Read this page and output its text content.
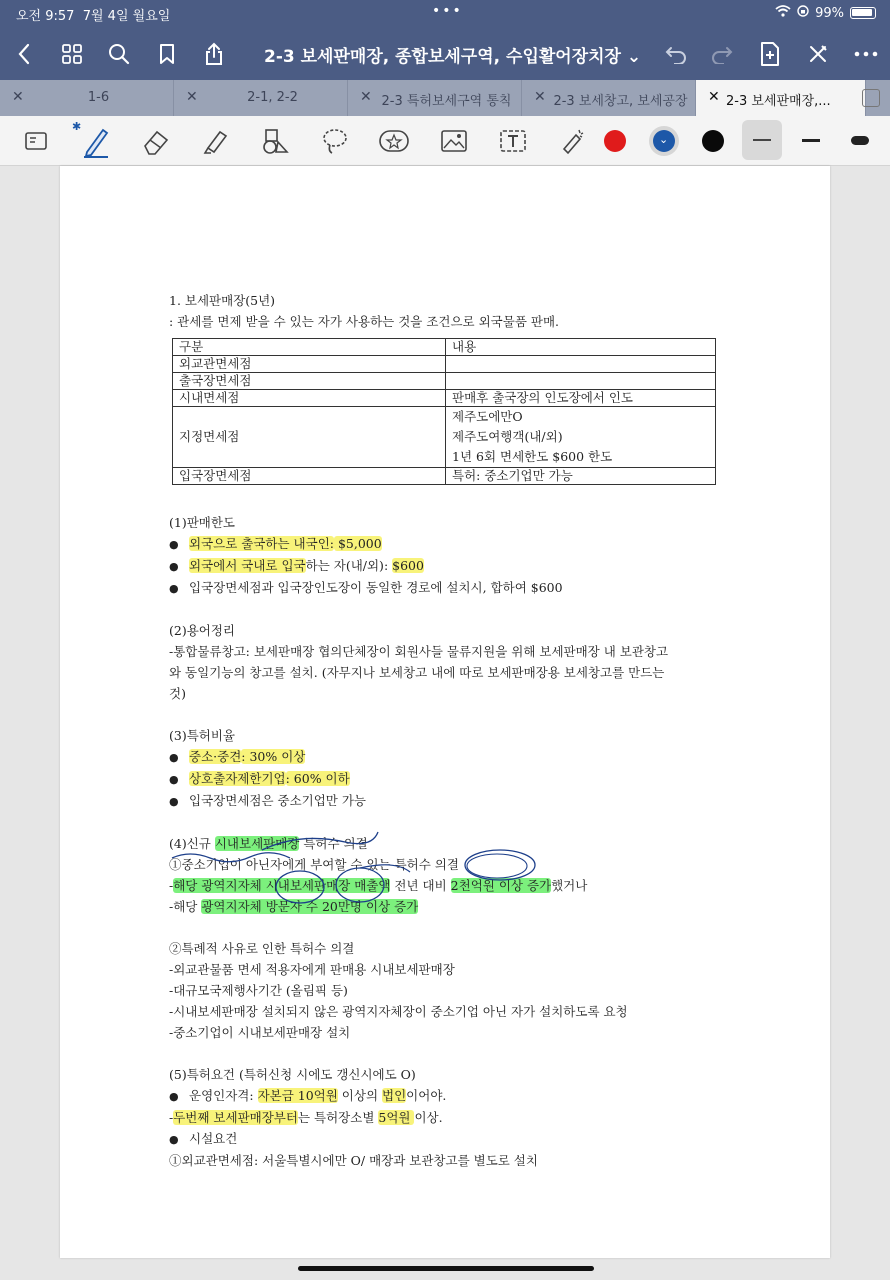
오전 9:57 7월 4일 월요일	•••	99%
2-3 보세판매장, 종합보세구역, 수입활어장치장 ⌄
✕	1-6	✕	2-1, 2-2	✕ 2-3 특허보세구역 통칙 ✕ 2-3 보세창고, 보세공장 ✕ 2-3 보세판매장,...
✱
⌄

1. 보세판매장(5년)

: 관세를 면제 받을 수 있는 자가 사용하는 것을 조건으로 외국물품 판매.

구분	내용
외교관면세점	
출국장면세점	
시내면세점	판매후 출국장의 인도장에서 인도
지정면세점	제주도에만O
제주도여행객(내/외)
1년 6회 면세한도 $600 한도

입국장면세점	특허: 중소기업만 가능

(1)판매한도

● 외국으로 출국하는 내국인: $5,000

● 외국에서 국내로 입국하는 자(내/외): $600

● 입국장면세점과 입국장인도장이 동일한 경로에 설치시, 합하여 $600

(2)용어정리

-통합물류창고: 보세판매장 협의단체장이 회원사들 물류지원을 위해 보세판매장 내 보관창고

와 동일기능의 창고를 설치. (자무지나 보세창고 내에 따로 보세판매장용 보세창고를 만드는

것)

(3)특허비율

● 중소·중견: 30% 이상

● 상호출자제한기업: 60% 이하

● 입국장면세점은 중소기업만 가능

(4)신규 시내보세판매장 특허수 의결

①중소기업이 아닌자에게 부여할 수 있는 특허수 의결

-해당 광역지자체 시내보세판매장 매출액 전년 대비 2천억원 이상 증가했거나

-해당 광역지자체 방문자 수 20만명 이상 증가

②특례적 사유로 인한 특허수 의결

-외교관물품 면세 적용자에게 판매용 시내보세판매장

-대규모국제행사기간 (올림픽 등)

-시내보세판매장 설치되지 않은 광역지자체장이 중소기업 아닌 자가 설치하도록 요청

-중소기업이 시내보세판매장 설치

(5)특허요건 (특허신청 시에도 갱신시에도 O)

● 운영인자격: 자본금 10억원 이상의 법인이어야.

-두번째 보세판매장부터는 특허장소별 5억원 이상.

● 시설요건

①외교관면세점: 서울특별시에만 O/ 매장과 보관창고를 별도로 설치
